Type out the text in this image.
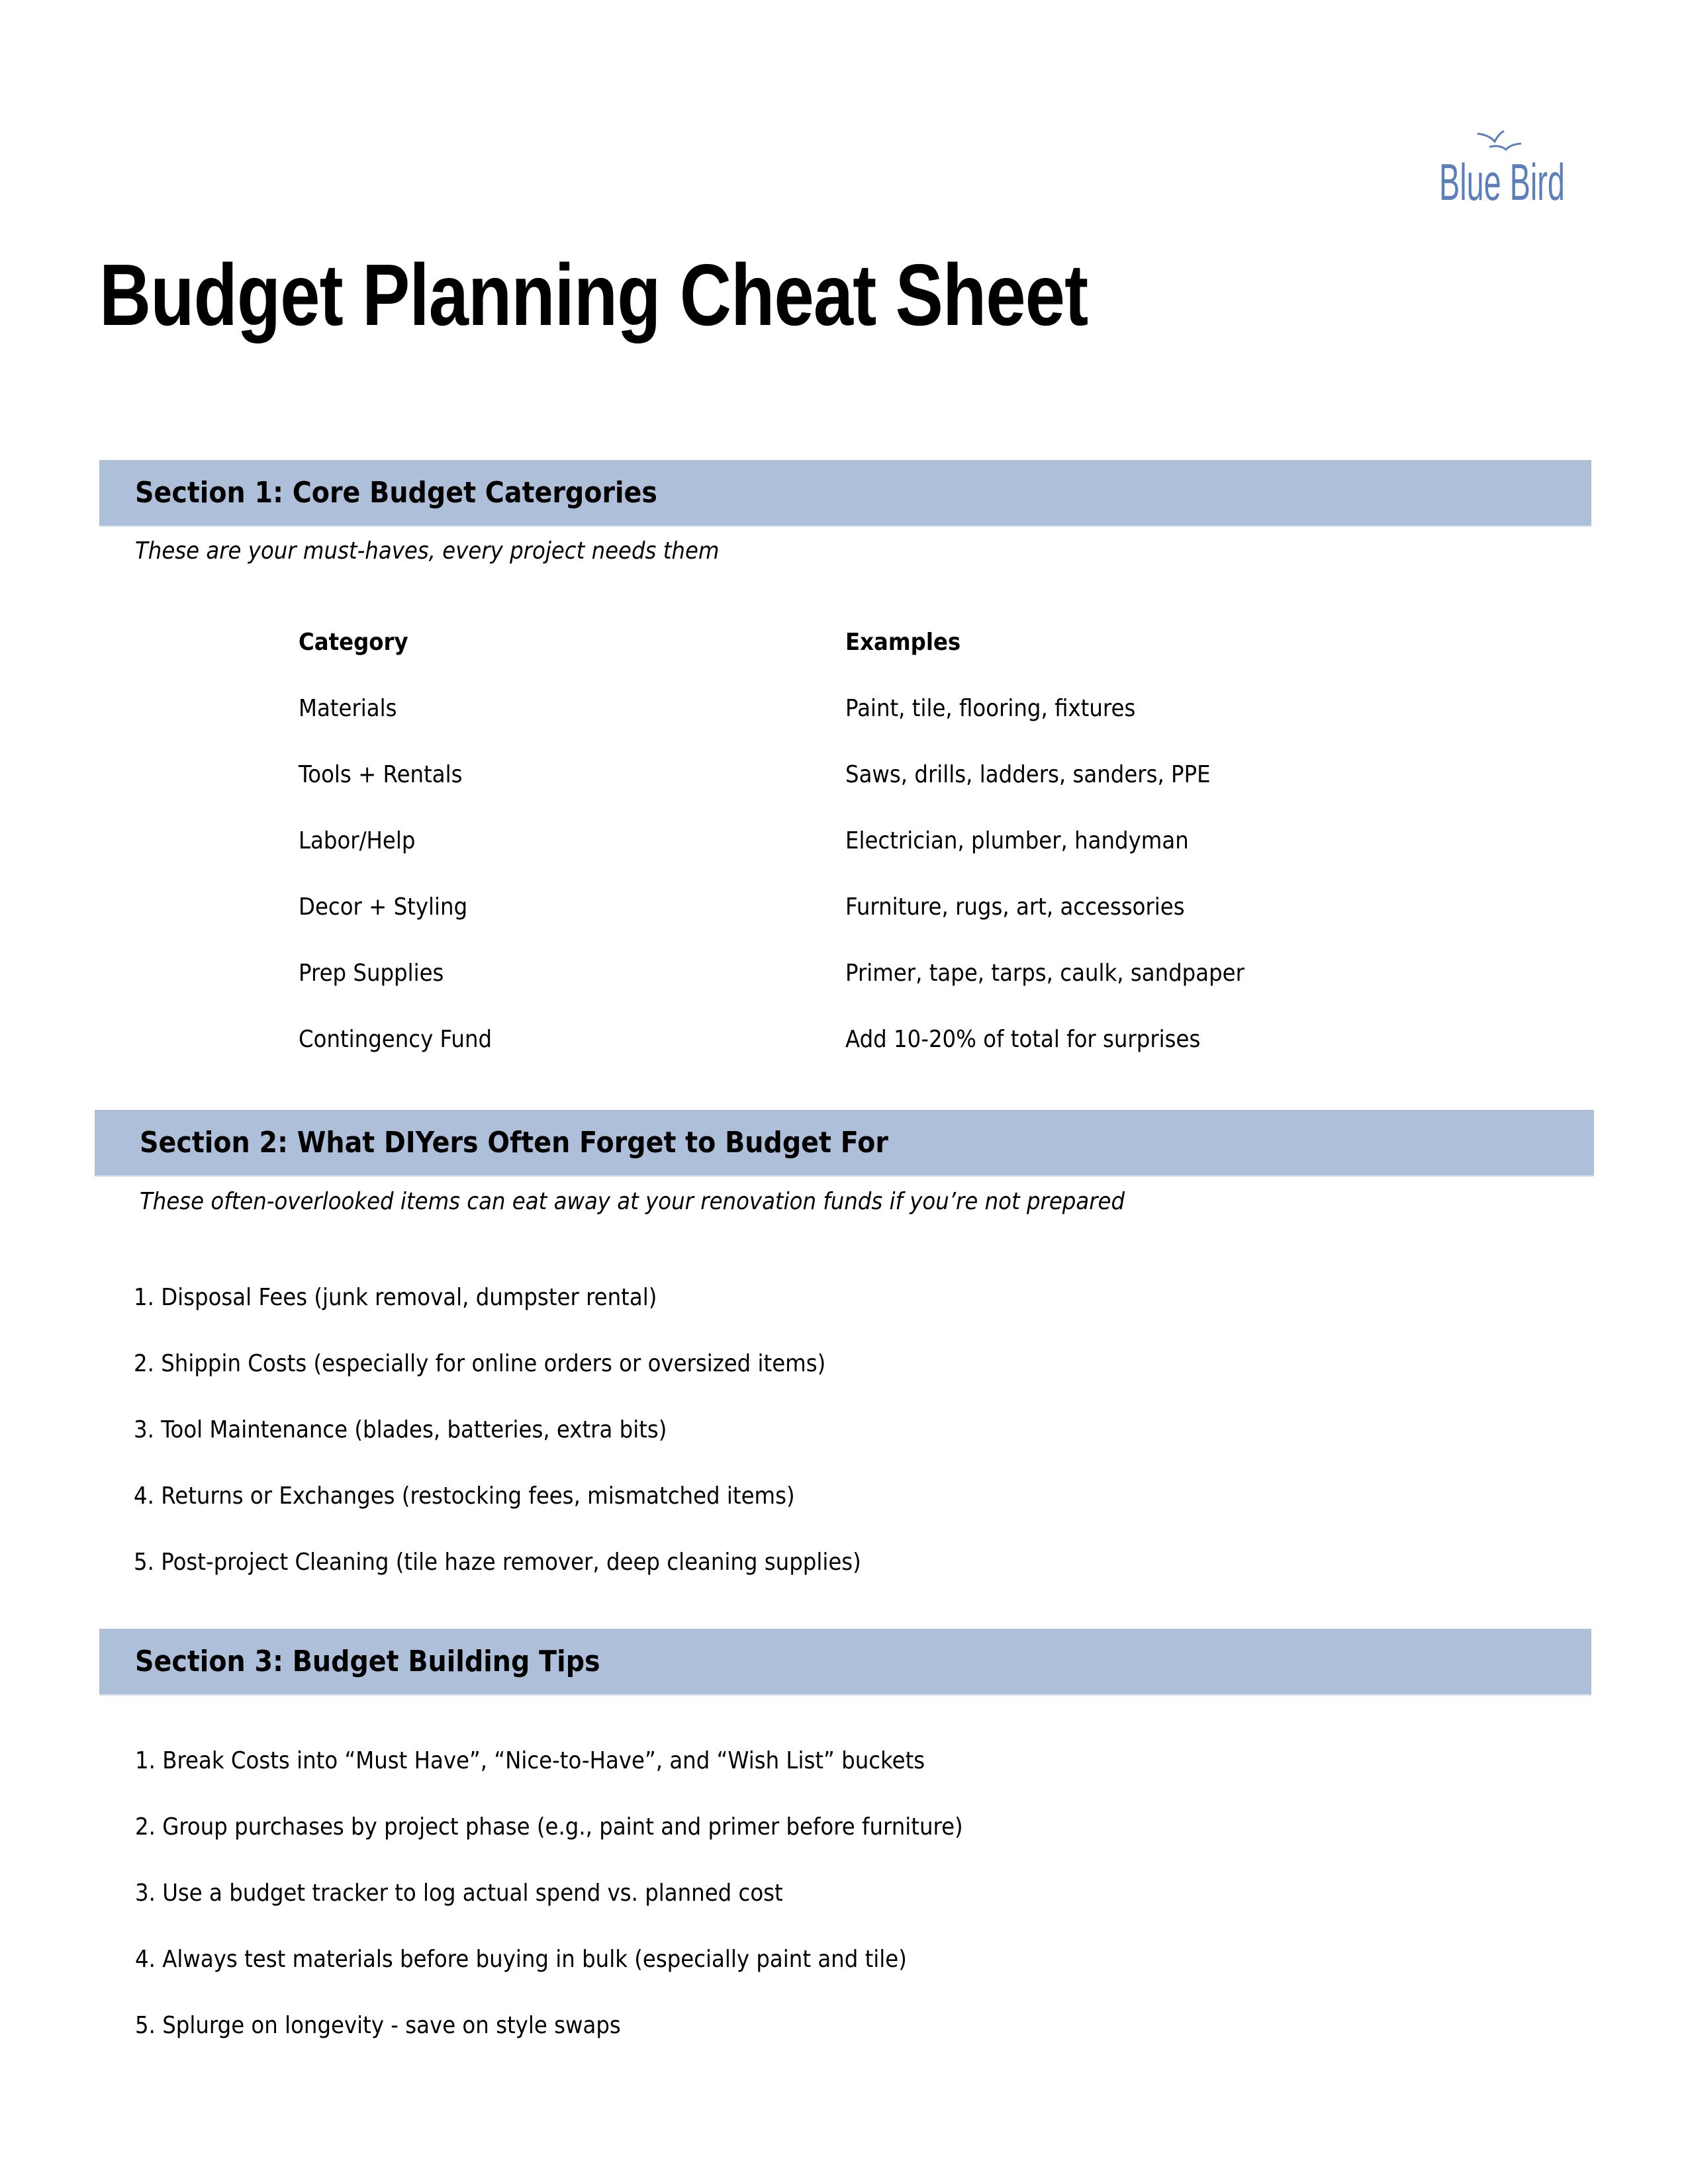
Blue Bird
Budget Planning Cheat Sheet
Section 1: Core Budget Catergories
These are your must-haves, every project needs them
Category	Examples
Materials	Paint, tile, flooring, fixtures
Tools + Rentals	Saws, drills, ladders, sanders, PPE
Labor/Help	Electrician, plumber, handyman
Decor + Styling	Furniture, rugs, art, accessories
Prep Supplies	Primer, tape, tarps, caulk, sandpaper
Contingency Fund	Add 10-20% of total for surprises
Section 2: What DIYers Often Forget to Budget For
These often-overlooked items can eat away at your renovation funds if you’re not prepared
1. Disposal Fees (junk removal, dumpster rental)
2. Shippin Costs (especially for online orders or oversized items)
3. Tool Maintenance (blades, batteries, extra bits)
4. Returns or Exchanges (restocking fees, mismatched items)
5. Post-project Cleaning (tile haze remover, deep cleaning supplies)
Section 3: Budget Building Tips
1. Break Costs into “Must Have”, “Nice-to-Have”, and “Wish List” buckets
2. Group purchases by project phase (e.g., paint and primer before furniture)
3. Use a budget tracker to log actual spend vs. planned cost
4. Always test materials before buying in bulk (especially paint and tile)
5. Splurge on longevity - save on style swaps
